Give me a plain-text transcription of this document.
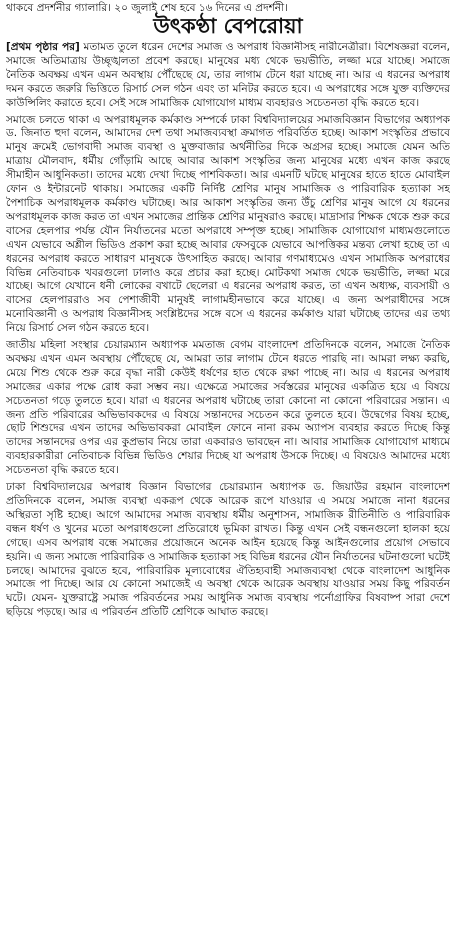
থাকবে প্রদর্শনীর গ্যালারি। ২০ জুলাই শেষ হবে ১৬ দিনের এ প্রদর্শনী।
উৎকণ্ঠা বেপরোয়া

[প্রথম পৃষ্ঠার পর] মতামত তুলে ধরেন দেশের সমাজ ও অপরাধ বিজ্ঞানীসহ নারীনেত্রীরা। বিশেষজ্ঞরা বলেন, সমাজে অতিমাত্রায় উচ্ছৃঙ্খলতা প্রবেশ করছে। মানুষের মধ্য থেকে ভয়ভীতি, লজ্জা মরে যাচ্ছে। সমাজে নৈতিক অবক্ষয় এখন এমন অবস্থায় পৌঁছেছে যে, তার লাগাম টেনে ধরা যাচ্ছে না। আর এ ধরনের অপরাধ দমন করতে জরুরি ভিত্তিতে রিসার্চ সেল গঠন এবং তা মনিটর করতে হবে। এ অপরাধের সঙ্গে যুক্ত ব্যক্তিদের কাউন্সিলিং করাতে হবে। সেই সঙ্গে সামাজিক যোগাযোগ মাধ্যম ব্যবহারও সচেতনতা বৃদ্ধি করতে হবে।

সমাজে চলতে থাকা এ অপরাধমূলক কর্মকাণ্ড সম্পর্কে ঢাকা বিশ্ববিদ্যালয়ের সমাজবিজ্ঞান বিভাগের অধ্যাপক ড. জিনাত হুদা বলেন, আমাদের দেশ তথা সমাজব্যবস্থা ক্রমাগত পরিবর্তিত হচ্ছে। আকাশ সংস্কৃতির প্রভাবে মানুষ ক্রমেই ভোগবাদী সমাজ ব্যবস্থা ও মুক্তবাজার অর্থনীতির দিকে অগ্রসর হচ্ছে। সমাজে যেমন অতি মাত্রায় মৌলবাদ, ধর্মীয় গোঁড়ামি আছে আবার আকাশ সংস্কৃতির জন্য মানুষের মধ্যে এখন কাজ করছে সীমাহীন আধুনিকতা। তাদের মধ্যে দেখা দিচ্ছে পাশবিকতা। আর এমনটি ঘটছে মানুষের হাতে হাতে মোবাইল ফোন ও ইন্টারনেট থাকায়। সমাজের একটি নির্দিষ্ট শ্রেণির মানুষ সামাজিক ও পারিবারিক হত্যাকা সহ পৈশাচিক অপরাধমূলক কর্মকাণ্ড ঘটাচ্ছে। আর আকাশ সংস্কৃতির জন্য উঁচু শ্রেণির মানুষ আগে যে ধরনের অপরাধমূলক কাজ করত তা এখন সমাজের প্রান্তিক শ্রেণির মানুষরাও করছে। মাদ্রাসার শিক্ষক থেকে শুরু করে বাসের হেলপার পর্যন্ত যৌন নির্যাতনের মতো অপরাধে সম্পৃক্ত হচ্ছে। সামাজিক যোগাযোগ মাধ্যমগুলোতে এখন যেভাবে অশ্লীল ভিডিও প্রকাশ করা হচ্ছে আবার ফেসবুকে যেভাবে আপত্তিকর মন্তব্য লেখা হচ্ছে তা এ ধরনের অপরাধ করতে সাধারণ মানুষকে উৎসাহিত করছে। আবার গণমাধ্যমেও এখন সামাজিক অপরাধের বিভিন্ন নেতিবাচক খবরগুলো ঢালাও করে প্রচার করা হচ্ছে। মোটকথা সমাজ থেকে ভয়ভীতি, লজ্জা মরে যাচ্ছে। আগে যেখানে ধনী লোকের বখাটে ছেলেরা এ ধরনের অপরাধ করত, তা এখন অধ্যক্ষ, ব্যবসায়ী ও বাসের হেলপাররাও সব পেশাজীবী মানুষই লাগামহীনভাবে করে যাচ্ছে। এ জন্য অপরাধীদের সঙ্গে মনোবিজ্ঞানী ও অপরাধ বিজ্ঞানীসহ সংশ্লিষ্টদের সঙ্গে বসে এ ধরনের কর্মকাণ্ড যারা ঘটাচ্ছে তাদের এর তথ্য নিয়ে রিসার্চ সেল গঠন করতে হবে।

জাতীয় মহিলা সংস্থার চেয়ারম্যান অধ্যাপক মমতাজ বেগম বাংলাদেশ প্রতিদিনকে বলেন, সমাজে নৈতিক অবক্ষয় এখন এমন অবস্থায় পৌঁছেছে যে, আমরা তার লাগাম টেনে ধরতে পারছি না। আমরা লক্ষ্য করছি, মেয়ে শিশু থেকে শুরু করে বৃদ্ধা নারী কেউই ধর্ষণের হাত থেকে রক্ষা পাচ্ছে না। আর এ ধরনের অপরাধ সমাজের একার পক্ষে রোধ করা সম্ভব নয়। এক্ষেত্রে সমাজের সর্বস্তরের মানুষের একত্রিত হয়ে এ বিষয়ে সচেতনতা গড়ে তুলতে হবে। যারা এ ধরনের অপরাধ ঘটাচ্ছে তারা কোনো না কোনো পরিবারের সন্তান। এ জন্য প্রতি পরিবারের অভিভাবকদের এ বিষয়ে সন্তানদের সচেতন করে তুলতে হবে। উদ্বেগের বিষয় হচ্ছে, ছোট শিশুদের এখন তাদের অভিভাবকরা মোবাইল ফোনে নানা রকম অ্যাপস ব্যবহার করতে দিচ্ছে কিন্তু তাদের সন্তানদের ওপর এর কুপ্রভাব নিয়ে তারা একবারও ভাবছেন না। আবার সামাজিক যোগাযোগ মাধ্যমে ব্যবহারকারীরা নেতিবাচক বিভিন্ন ভিডিও শেয়ার দিচ্ছে যা অপরাধ উসকে দিচ্ছে। এ বিষয়েও আমাদের মধ্যে সচেতনতা বৃদ্ধি করতে হবে।

ঢাকা বিশ্ববিদ্যালয়ের অপরাধ বিজ্ঞান বিভাগের চেয়ারম্যান অধ্যাপক ড. জিয়াউর রহমান বাংলাদেশ প্রতিদিনকে বলেন, সমাজ ব্যবস্থা একরূপ থেকে আরেক রূপে যাওয়ার এ সময়ে সমাজে নানা ধরনের অস্থিরতা সৃষ্টি হচ্ছে। আগে আমাদের সমাজ ব্যবস্থায় ধর্মীয় অনুশাসন, সামাজিক রীতিনীতি ও পারিবারিক বন্ধন ধর্ষণ ও খুনের মতো অপরাধগুলো প্রতিরোধে ভূমিকা রাখত। কিন্তু এখন সেই বন্ধনগুলো হালকা হয়ে গেছে। এসব অপরাধ বন্ধে সমাজের প্রয়োজনে অনেক আইন হয়েছে কিন্তু আইনগুলোর প্রয়োগ সেভাবে হয়নি। এ জন্য সমাজে পারিবারিক ও সামাজিক হত্যাকা সহ বিভিন্ন ধরনের যৌন নির্যাতনের ঘটনাগুলো ঘটেই চলছে। আমাদের বুঝতে হবে, পারিবারিক মূল্যবোধের ঐতিহ্যবাহী সমাজব্যবস্থা থেকে বাংলাদেশ আধুনিক সমাজে পা দিচ্ছে। আর যে কোনো সমাজেই এ অবস্থা থেকে আরেক অবস্থায় যাওয়ার সময় কিছু পরিবর্তন ঘটে। যেমন- যুক্তরাষ্ট্রে সমাজ পরিবর্তনের সময় আধুনিক সমাজ ব্যবস্থায় পর্নোগ্রাফির বিষবাষ্প সারা দেশে ছড়িয়ে পড়ছে। আর এ পরিবর্তন প্রতিটি শ্রেণিকে আঘাত করছে।
